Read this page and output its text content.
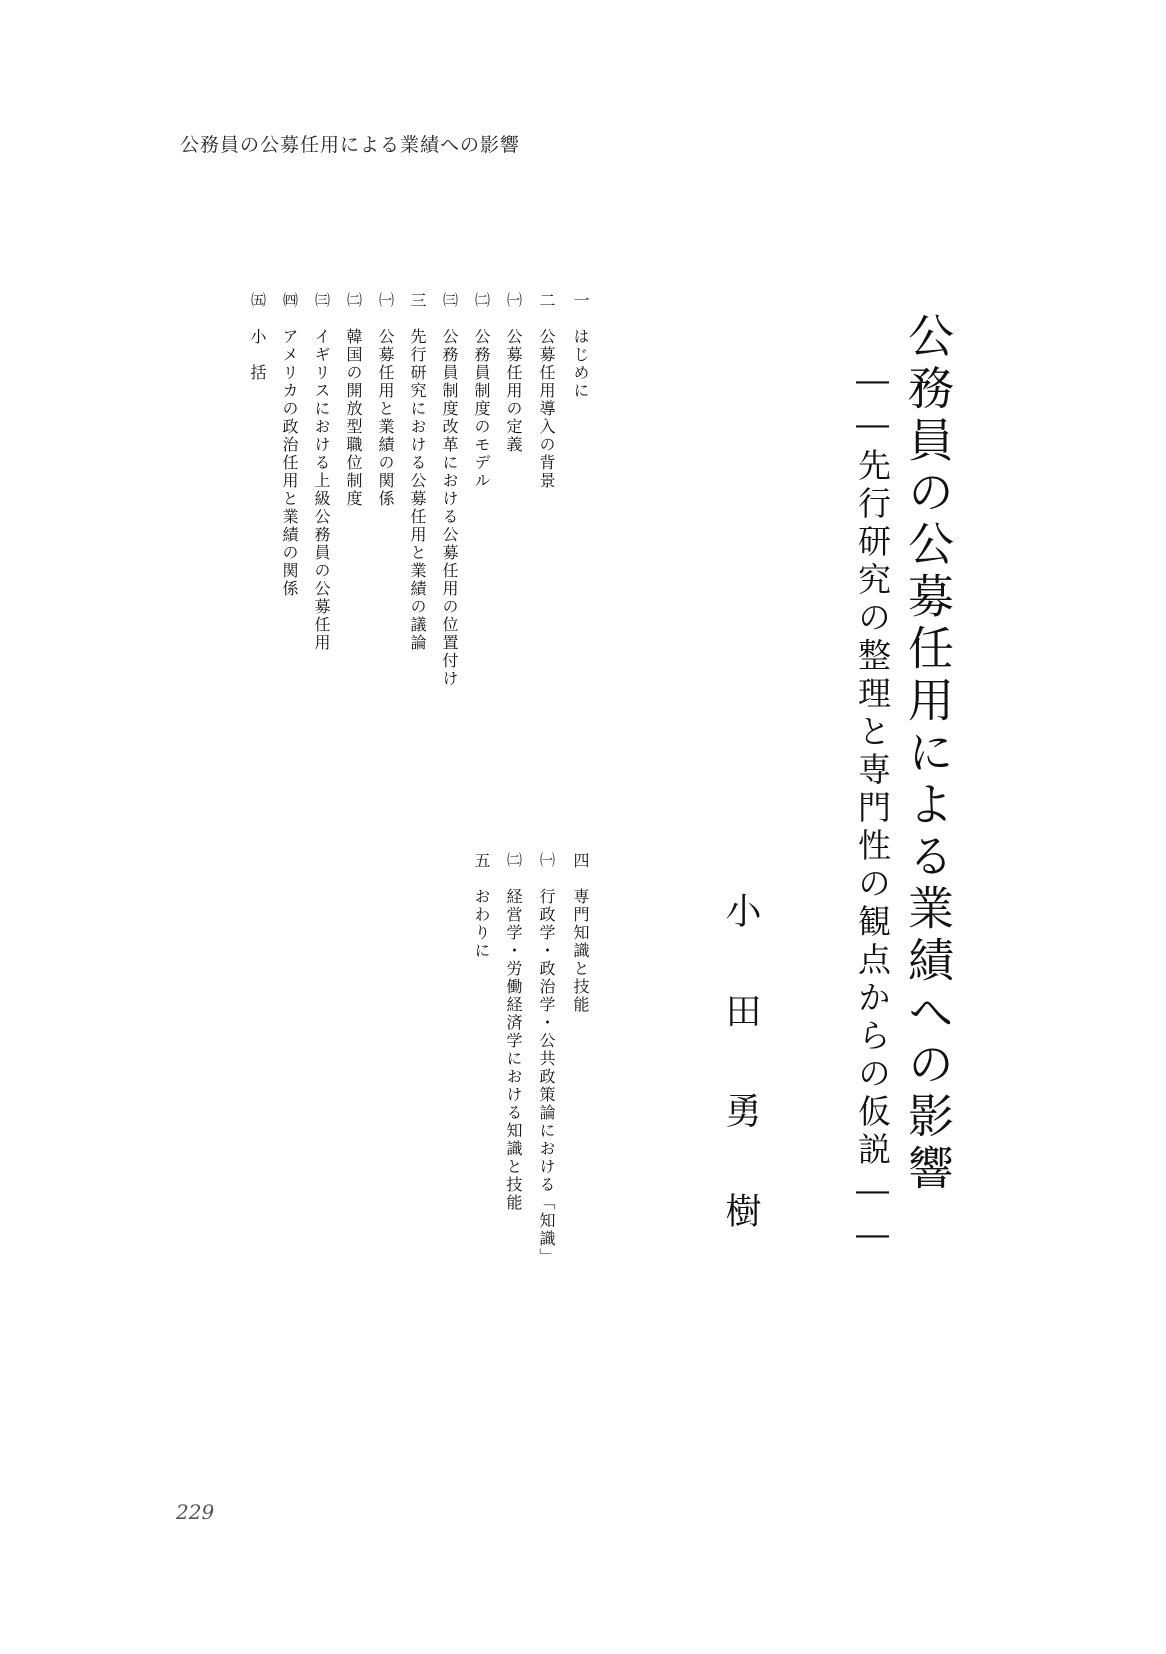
公務員の公募任用による業績への影響
公務員の公募任用による業績への影響
――先行研究の整理と専門性の観点からの仮説――
小田勇樹
一
はじめに
二
公募任用導入の背景
㈠
公募任用の定義
㈡
公務員制度のモデル
㈢
公務員制度改革における公募任用の位置付け
三
先行研究における公募任用と業績の議論
㈠
公募任用と業績の関係
㈡
韓国の開放型職位制度
㈢
イギリスにおける上級公務員の公募任用
㈣
アメリカの政治任用と業績の関係
㈤
小　括
四
専門知識と技能
㈠
行政学・政治学・公共政策論における「知識」
㈡
経営学・労働経済学における知識と技能
五
おわりに
229
